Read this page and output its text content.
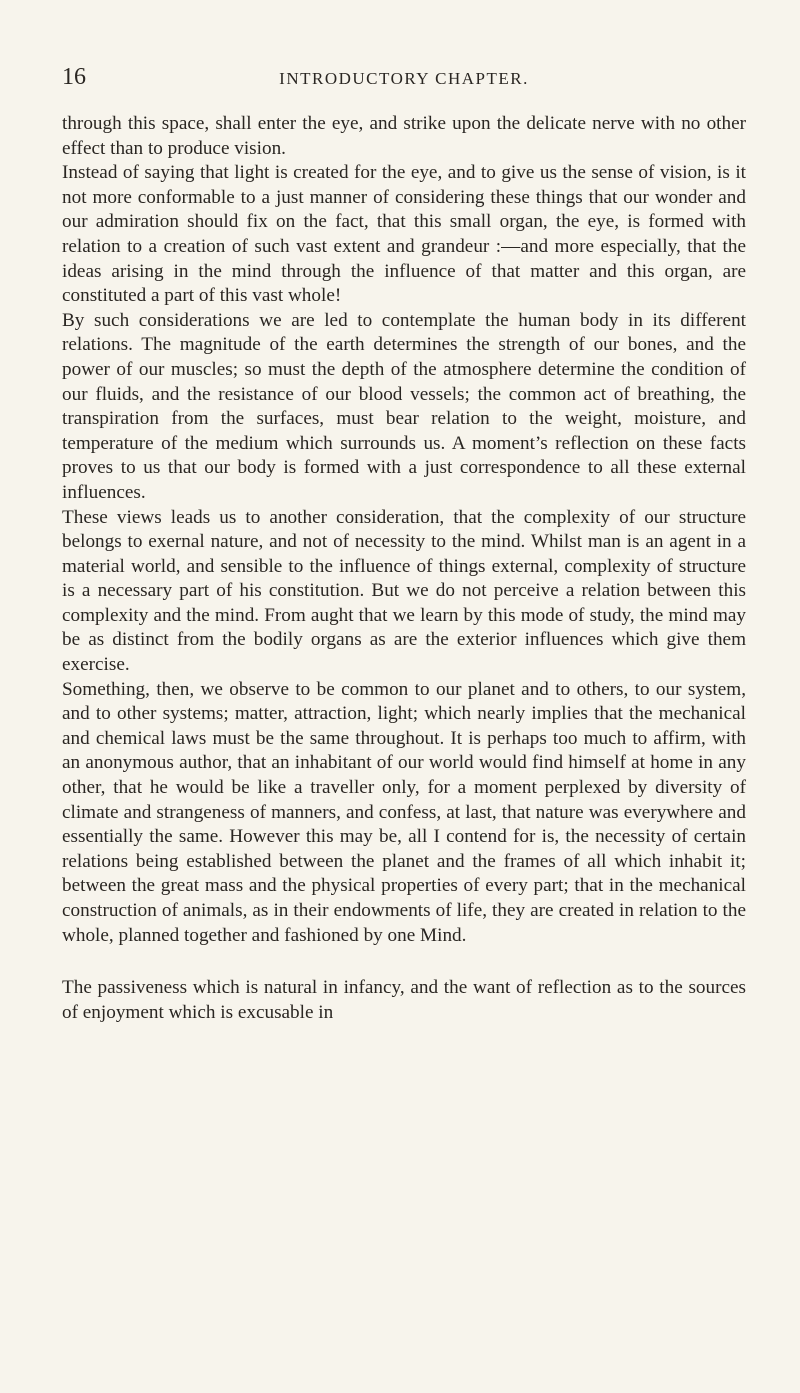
16	INTRODUCTORY CHAPTER.

through this space, shall enter the eye, and strike upon the delicate nerve with no other effect than to produce vision.

Instead of saying that light is created for the eye, and to give us the sense of vision, is it not more conformable to a just manner of considering these things that our wonder and our admiration should fix on the fact, that this small organ, the eye, is formed with relation to a creation of such vast extent and grandeur :—and more especially, that the ideas arising in the mind through the influence of that matter and this organ, are constituted a part of this vast whole!

By such considerations we are led to contemplate the human body in its different relations. The magnitude of the earth determines the strength of our bones, and the power of our muscles; so must the depth of the atmosphere determine the condition of our fluids, and the resistance of our blood vessels; the common act of breathing, the transpiration from the surfaces, must bear relation to the weight, moisture, and temperature of the medium which surrounds us. A moment’s reflection on these facts proves to us that our body is formed with a just correspondence to all these external influences.

These views leads us to another consideration, that the complexity of our structure belongs to exernal nature, and not of necessity to the mind. Whilst man is an agent in a material world, and sensible to the influence of things external, complexity of structure is a necessary part of his constitution. But we do not perceive a relation between this complexity and the mind. From aught that we learn by this mode of study, the mind may be as distinct from the bodily organs as are the exterior influences which give them exercise.

Something, then, we observe to be common to our planet and to others, to our system, and to other systems; matter, attraction, light; which nearly implies that the mechanical and chemical laws must be the same throughout. It is perhaps too much to affirm, with an anonymous author, that an inhabitant of our world would find himself at home in any other, that he would be like a traveller only, for a moment perplexed by diversity of climate and strangeness of manners, and confess, at last, that nature was everywhere and essentially the same. However this may be, all I contend for is, the necessity of certain relations being established between the planet and the frames of all which inhabit it; between the great mass and the physical properties of every part; that in the mechanical construction of animals, as in their endowments of life, they are created in relation to the whole, planned together and fashioned by one Mind.

The passiveness which is natural in infancy, and the want of reflection as to the sources of enjoyment which is excusable in
